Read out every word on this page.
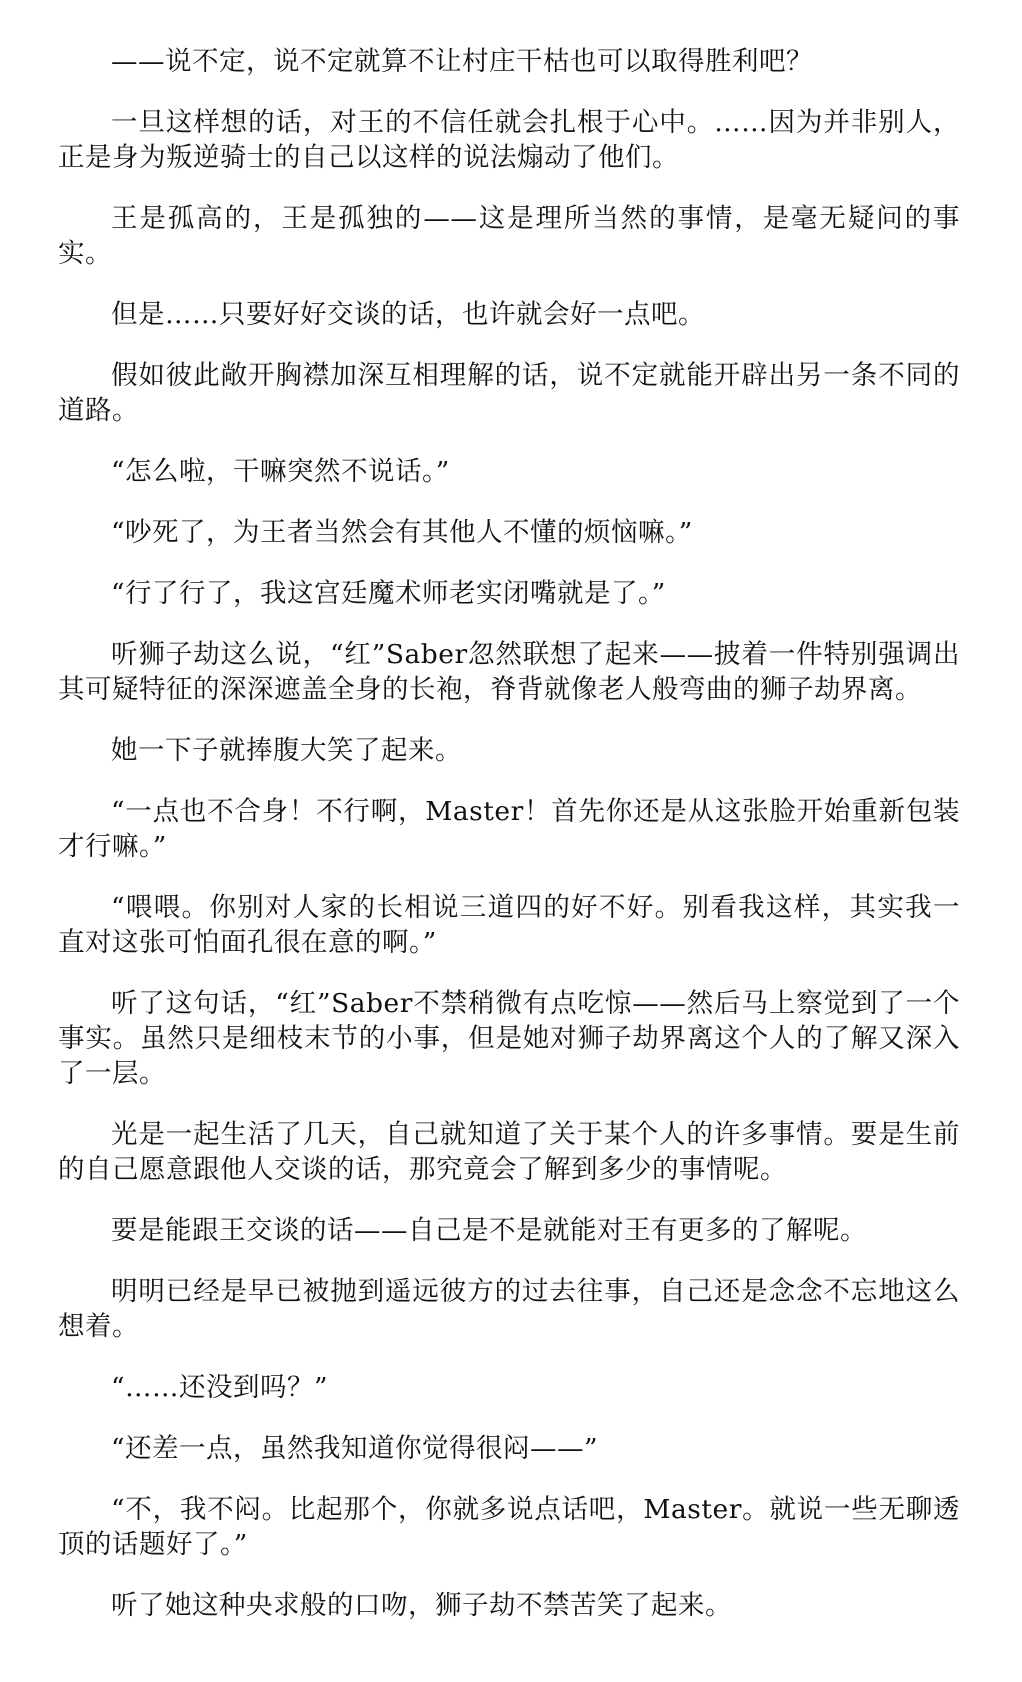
——说不定，说不定就算不让村庄干枯也可以取得胜利吧？

一旦这样想的话，对王的不信任就会扎根于心中。……因为并非别人，正是身为叛逆骑士的自己以这样的说法煽动了他们。

王是孤高的，王是孤独的——这是理所当然的事情，是毫无疑问的事实。

但是……只要好好交谈的话，也许就会好一点吧。

假如彼此敞开胸襟加深互相理解的话，说不定就能开辟出另一条不同的道路。

“怎么啦，干嘛突然不说话。”

“吵死了，为王者当然会有其他人不懂的烦恼嘛。”

“行了行了，我这宫廷魔术师老实闭嘴就是了。”

听狮子劫这么说，“红”Saber忽然联想了起来——披着一件特别强调出其可疑特征的深深遮盖全身的长袍，脊背就像老人般弯曲的狮子劫界离。

她一下子就捧腹大笑了起来。

“一点也不合身！不行啊，Master！首先你还是从这张脸开始重新包装才行嘛。”

“喂喂。你别对人家的长相说三道四的好不好。别看我这样，其实我一直对这张可怕面孔很在意的啊。”

听了这句话，“红”Saber不禁稍微有点吃惊——然后马上察觉到了一个事实。虽然只是细枝末节的小事，但是她对狮子劫界离这个人的了解又深入了一层。

光是一起生活了几天，自己就知道了关于某个人的许多事情。要是生前的自己愿意跟他人交谈的话，那究竟会了解到多少的事情呢。

要是能跟王交谈的话——自己是不是就能对王有更多的了解呢。

明明已经是早已被抛到遥远彼方的过去往事，自己还是念念不忘地这么想着。

“……还没到吗？”

“还差一点，虽然我知道你觉得很闷——”

“不，我不闷。比起那个，你就多说点话吧，Master。就说一些无聊透顶的话题好了。”

听了她这种央求般的口吻，狮子劫不禁苦笑了起来。
